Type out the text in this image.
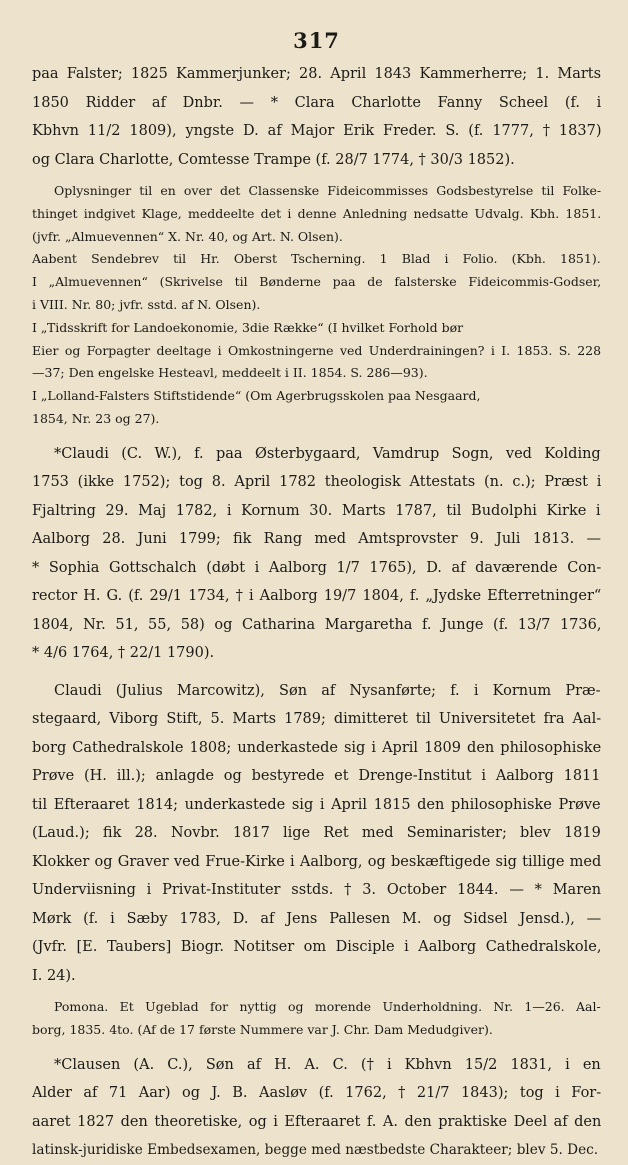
317
paa Falster; 1825 Kammerjunker; 28. April 1843 Kammerherre; 1. Marts
1850 Ridder af Dnbr. — * Clara Charlotte Fanny Scheel (f. i
Kbhvn 11/2 1809), yngste D. af Major Erik Freder. S. (f. 1777, † 1837)
og Clara Charlotte, Comtesse Trampe (f. 28/7 1774, † 30/3 1852).
Oplysninger til en over det Classenske Fideicommisses Godsbestyrelse til Folke-
thinget indgivet Klage, meddeelte det i denne Anledning nedsatte Udvalg. Kbh. 1851.
(jvfr. „Almuevennen“ X. Nr. 40, og Art. N. Olsen).
Aabent Sendebrev til Hr. Oberst Tscherning. 1 Blad i Folio. (Kbh. 1851).
I „Almuevennen“ (Skrivelse til Bønderne paa de falsterske Fideicommis-Godser,
i VIII. Nr. 80; jvfr. sstd. af N. Olsen).
I „Tidsskrift for Landoekonomie, 3die Række“ (I hvilket Forhold bør
Eier og Forpagter deeltage i Omkostningerne ved Underdrainingen? i I. 1853. S. 228
—37; Den engelske Hesteavl, meddeelt i II. 1854. S. 286—93).
I „Lolland-Falsters Stiftstidende“ (Om Agerbrugsskolen paa Nesgaard,
1854, Nr. 23 og 27).
*Claudi (C. W.), f. paa Østerbygaard, Vamdrup Sogn, ved Kolding
1753 (ikke 1752); tog 8. April 1782 theologisk Attestats (n. c.); Præst i
Fjaltring 29. Maj 1782, i Kornum 30. Marts 1787, til Budolphi Kirke i
Aalborg 28. Juni 1799; fik Rang med Amtsprovster 9. Juli 1813. —
* Sophia Gottschalch (døbt i Aalborg 1/7 1765), D. af daværende Con-
rector H. G. (f. 29/1 1734, † i Aalborg 19/7 1804, f. „Jydske Efterretninger“
1804, Nr. 51, 55, 58) og Catharina Margaretha f. Junge (f. 13/7 1736,
* 4/6 1764, † 22/1 1790).
Claudi (Julius Marcowitz), Søn af Nysanførte; f. i Kornum Præ-
stegaard, Viborg Stift, 5. Marts 1789; dimitteret til Universitetet fra Aal-
borg Cathedralskole 1808; underkastede sig i April 1809 den philosophiske
Prøve (H. ill.); anlagde og bestyrede et Drenge-Institut i Aalborg 1811
til Efteraaret 1814; underkastede sig i April 1815 den philosophiske Prøve
(Laud.); fik 28. Novbr. 1817 lige Ret med Seminarister; blev 1819
Klokker og Graver ved Frue-Kirke i Aalborg, og beskæftigede sig tillige med
Underviisning i Privat-Instituter sstds. † 3. October 1844. — * Maren
Mørk (f. i Sæby 1783, D. af Jens Pallesen M. og Sidsel Jensd.), —
(Jvfr. [E. Taubers] Biogr. Notitser om Disciple i Aalborg Cathedralskole,
I. 24).
Pomona. Et Ugeblad for nyttig og morende Underholdning. Nr. 1—26. Aal-
borg, 1835. 4to. (Af de 17 første Nummere var J. Chr. Dam Medudgiver).
*Clausen (A. C.), Søn af H. A. C. († i Kbhvn 15/2 1831, i en
Alder af 71 Aar) og J. B. Aasløv (f. 1762, † 21/7 1843); tog i For-
aaret 1827 den theoretiske, og i Efteraaret f. A. den praktiske Deel af den
latinsk-juridiske Embedsexamen, begge med næstbedste Charakteer; blev 5. Dec.
